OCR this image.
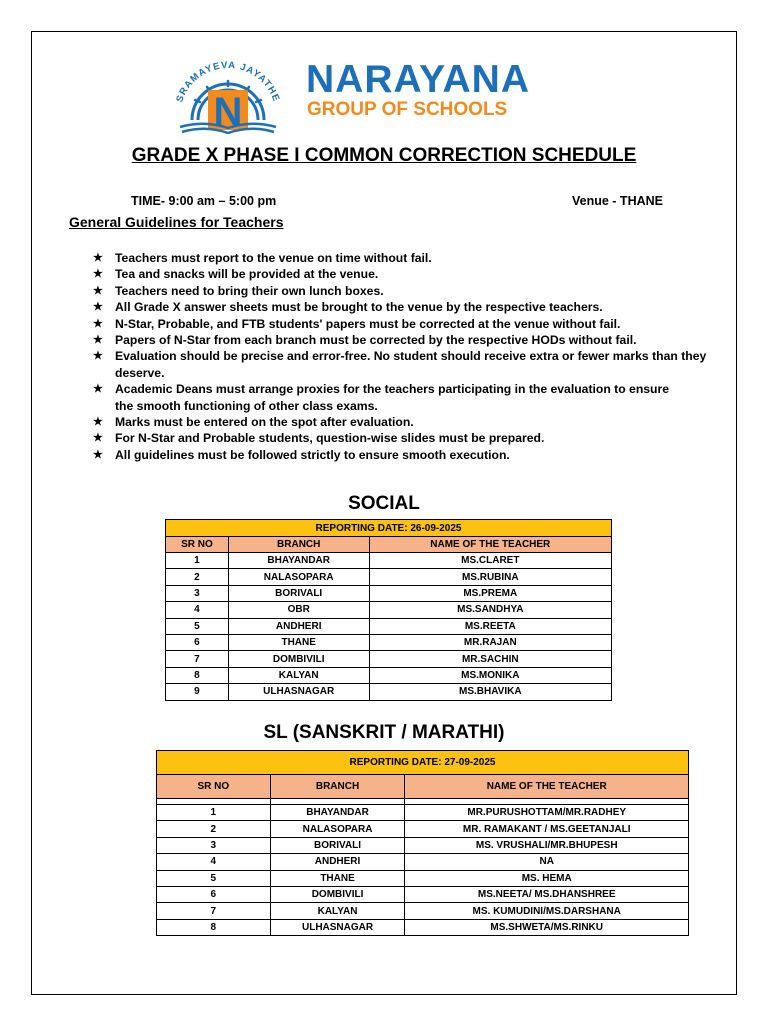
SRAMAYEVA JAYATHE
N
NARAYANA
GROUP OF SCHOOLS
GRADE X PHASE I COMMON CORRECTION SCHEDULE
TIME- 9:00 am – 5:00 pm	Venue - THANE
General Guidelines for Teachers
★ Teachers must report to the venue on time without fail.
★ Tea and snacks will be provided at the venue.
★ Teachers need to bring their own lunch boxes.
★ All Grade X answer sheets must be brought to the venue by the respective teachers.
★ N-Star, Probable, and FTB students' papers must be corrected at the venue without fail.
★ Papers of N-Star from each branch must be corrected by the respective HODs without fail.
★ Evaluation should be precise and error-free. No student should receive extra or fewer marks than they deserve.
★ Academic Deans must arrange proxies for the teachers participating in the evaluation to ensure the smooth functioning of other class exams.
★ Marks must be entered on the spot after evaluation.
★ For N-Star and Probable students, question-wise slides must be prepared.
★ All guidelines must be followed strictly to ensure smooth execution.
SOCIAL
REPORTING DATE: 26-09-2025		
SR NO	BRANCH	NAME OF THE TEACHER
1	BHAYANDAR	MS.CLARET
2	NALASOPARA	MS.RUBINA
3	BORIVALI	MS.PREMA
4	OBR	MS.SANDHYA
5	ANDHERI	MS.REETA
6	THANE	MR.RAJAN
7	DOMBIVILI	MR.SACHIN
8	KALYAN	MS.MONIKA
9	ULHASNAGAR	MS.BHAVIKA
SL (SANSKRIT / MARATHI)
REPORTING DATE: 27-09-2025		
SR NO	BRANCH	NAME OF THE TEACHER

1	BHAYANDAR	MR.PURUSHOTTAM/MR.RADHEY
2	NALASOPARA	MR. RAMAKANT / MS.GEETANJALI
3	BORIVALI	MS. VRUSHALI/MR.BHUPESH
4	ANDHERI	NA
5	THANE	MS. HEMA
6	DOMBIVILI	MS.NEETA/ MS.DHANSHREE
7	KALYAN	MS. KUMUDINI/MS.DARSHANA
8	ULHASNAGAR	MS.SHWETA/MS.RINKU
